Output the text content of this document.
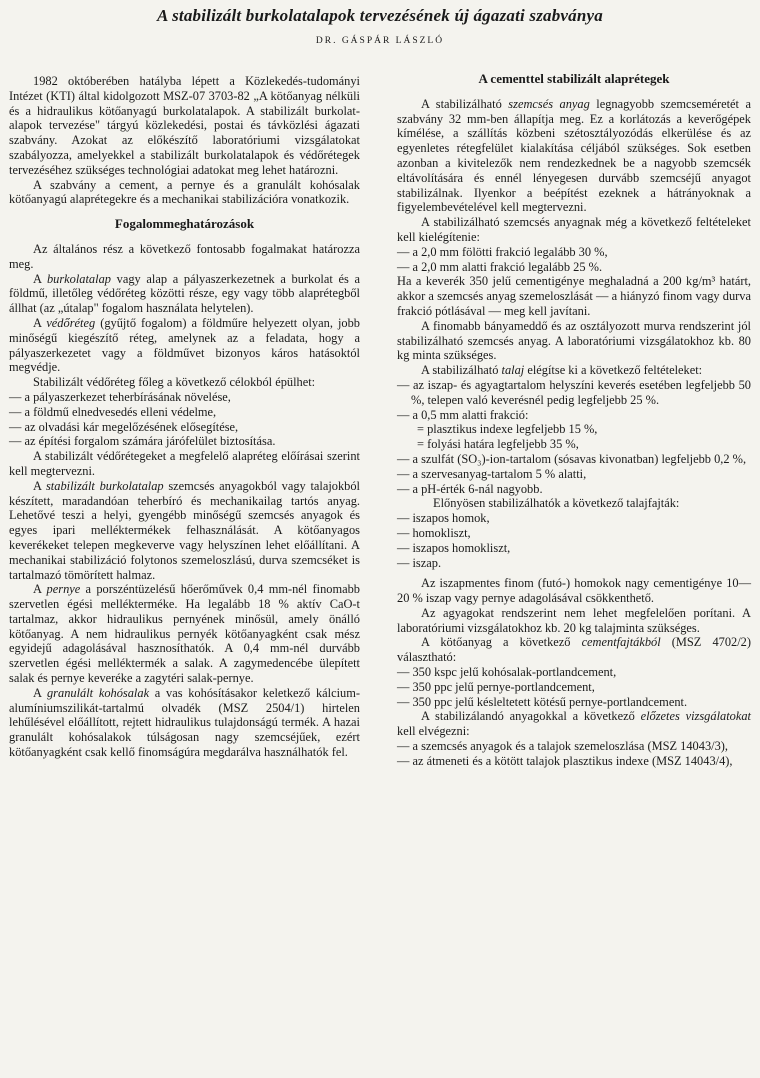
A stabilizált burkolatalapok tervezésének új ágazati szabványa
DR. GÁSPÁR LÁSZLÓ

1982 októberében hatályba lépett a Közlekedés-tudományi Intézet (KTI) által kidolgozott MSZ-07 3703-82 „A kötőanyag nélküli és a hidraulikus kötőanyagú burkolatalapok. A stabilizált burkolat-alapok tervezése" tárgyú közlekedési, postai és távközlési ágazati szabvány. Azokat az előkészítő laboratóriumi vizsgálatokat szabályozza, amelyekkel a stabilizált burkolatalapok és védőrétegek tervezéséhez szükséges technológiai adatokat meg lehet határozni.

A szabvány a cement, a pernye és a granulált kohósalak kötőanyagú alaprétegekre és a mechanikai stabilizációra vonatkozik.

Fogalommeghatározások

Az általános rész a következő fontosabb fogalmakat határozza meg.

A burkolatalap vagy alap a pályaszerkezetnek a burkolat és a földmű, illetőleg védőréteg közötti része, egy vagy több alaprétegből állhat (az „útalap" fogalom használata helytelen).

A védőréteg (gyűjtő fogalom) a földműre helyezett olyan, jobb minőségű kiegészítő réteg, amelynek az a feladata, hogy a pályaszerkezetet vagy a földművet bizonyos káros hatásoktól megvédje.

Stabilizált védőréteg főleg a következő célokból épülhet:

— a pályaszerkezet teherbírásának növelése,

— a földmű elnedvesedés elleni védelme,

— az olvadási kár megelőzésének elősegítése,

— az építési forgalom számára járófelület biztosítása.

A stabilizált védőrétegeket a megfelelő alapréteg előírásai szerint kell megtervezni.

A stabilizált burkolatalap szemcsés anyagokból vagy talajokból készített, maradandóan teherbíró és mechanikailag tartós anyag. Lehetővé teszi a helyi, gyengébb minőségű szemcsés anyagok és egyes ipari melléktermékek felhasználását. A kötőanyagos keverékeket telepen megkeverve vagy helyszínen lehet előállítani. A mechanikai stabilizáció folytonos szemeloszlású, durva szemcséket is tartalmazó tömörített halmaz.

A pernye a porszéntüzelésű hőerőművek 0,4 mm-nél finomabb szervetlen égési mellékterméke. Ha legalább 18 % aktív CaO-t tartalmaz, akkor hidraulikus pernyének minősül, amely önálló kötőanyag. A nem hidraulikus pernyék kötőanyagként csak mész egyidejű adagolásával hasznosíthatók. A 0,4 mm-nél durvább szervetlen égési melléktermék a salak. A zagymedencébe ülepített salak és pernye keveréke a zagytéri salak-pernye.

A granulált kohósalak a vas kohósításakor keletkező kálcium-alumíniumszilikát-tartalmú olvadék (MSZ 2504/1) hirtelen lehűlésével előállított, rejtett hidraulikus tulajdonságú termék. A hazai granulált kohósalakok túlságosan nagy szemcséjűek, ezért kötőanyagként csak kellő finomságúra megdarálva használhatók fel.

A cementtel stabilizált alaprétegek

A stabilizálható szemcsés anyag legnagyobb szemcseméretét a szabvány 32 mm-ben állapítja meg. Ez a korlátozás a keverőgépek kímélése, a szállítás közbeni szétosztályozódás elkerülése és az egyenletes rétegfelület kialakítása céljából szükséges. Sok esetben azonban a kivitelezők nem rendezkednek be a nagyobb szemcsék eltávolítására és ennél lényegesen durvább szemcséjű anyagot stabilizálnak. Ilyenkor a beépítést ezeknek a hátrányoknak a figyelembevételével kell megtervezni.

A stabilizálható szemcsés anyagnak még a következő feltételeket kell kielégítenie:

— a 2,0 mm fölötti frakció legalább 30 %,

— a 2,0 mm alatti frakció legalább 25 %.

Ha a keverék 350 jelű cementigénye meghaladná a 200 kg/m³ határt, akkor a szemcsés anyag szemeloszlását — a hiányzó finom vagy durva frakció pótlásával — meg kell javítani.

A finomabb bányameddő és az osztályozott murva rendszerint jól stabilizálható szemcsés anyag. A laboratóriumi vizsgálatokhoz kb. 80 kg minta szükséges.

A stabilizálható talaj elégítse ki a következő feltételeket:

— az iszap- és agyagtartalom helyszíni keverés esetében legfeljebb 50 %, telepen való keverésnél pedig legfeljebb 25 %.

— a 0,5 mm alatti frakció:

= plasztikus indexe legfeljebb 15 %,

= folyási határa legfeljebb 35 %,

— a szulfát (SO₃)-ion-tartalom (sósavas kivonatban) legfeljebb 0,2 %,

— a szervesanyag-tartalom 5 % alatti,

— a pH-érték 6-nál nagyobb.

Előnyösen stabilizálhatók a következő talajfajták:

— iszapos homok,

— homokliszt,

— iszapos homokliszt,

— iszap.

Az iszapmentes finom (futó-) homokok nagy cementigénye 10—20 % iszap vagy pernye adagolásával csökkenthető.

Az agyagokat rendszerint nem lehet megfelelően porítani. A laboratóriumi vizsgálatokhoz kb. 20 kg talajminta szükséges.

A kötőanyag a következő cementfajtákból (MSZ 4702/2) választható:

— 350 kspc jelű kohósalak-portlandcement,

— 350 ppc jelű pernye-portlandcement,

— 350 ppc jelű késleltetett kötésű pernye-portlandcement.

A stabilizálandó anyagokkal a következő előzetes vizsgálatokat kell elvégezni:

— a szemcsés anyagok és a talajok szemeloszlása (MSZ 14043/3),

— az átmeneti és a kötött talajok plasztikus indexe (MSZ 14043/4),
